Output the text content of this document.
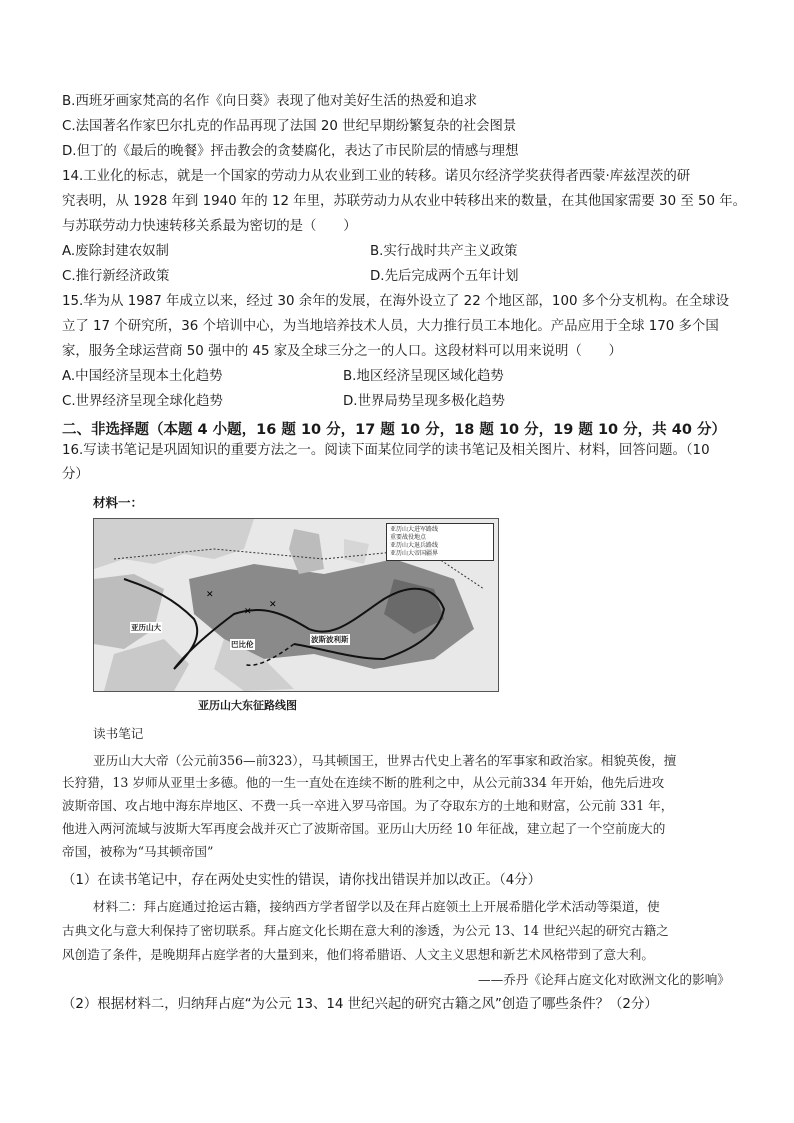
B.西班牙画家梵高的名作《向日葵》表现了他对美好生活的热爱和追求
C.法国著名作家巴尔扎克的作品再现了法国 20 世纪早期纷繁复杂的社会图景
D.但丁的《最后的晚餐》抨击教会的贪婪腐化，表达了市民阶层的情感与理想
14.工业化的标志，就是一个国家的劳动力从农业到工业的转移。诺贝尔经济学奖获得者西蒙·库兹涅茨的研
究表明，从 1928 年到 1940 年的 12 年里，苏联劳动力从农业中转移出来的数量，在其他国家需要 30 至 50 年。
与苏联劳动力快速转移关系最为密切的是（　　）
A.废除封建农奴制	B.实行战时共产主义政策
C.推行新经济政策	D.先后完成两个五年计划
15.华为从 1987 年成立以来，经过 30 余年的发展，在海外设立了 22 个地区部，100 多个分支机构。在全球设
立了 17 个研究所，36 个培训中心，为当地培养技术人员，大力推行员工本地化。产品应用于全球 170 多个国
家，服务全球运营商 50 强中的 45 家及全球三分之一的人口。这段材料可以用来说明（　　）
A.中国经济呈现本土化趋势	B.地区经济呈现区域化趋势
C.世界经济呈现全球化趋势	D.世界局势呈现多极化趋势
二、非选择题（本题 4 小题，16 题 10 分，17 题 10 分，18 题 10 分，19 题 10 分，共 40 分）
16.写读书笔记是巩固知识的重要方法之一。阅读下面某位同学的读书笔记及相关图片、材料，回答问题。（10
分）
材料一：
✕
✕
✕
亚历山大进军路线
重要战役地点
亚历山大退兵路线
亚历山大帝国疆界
巴比伦
亚历山大
波斯波利斯
亚历山大东征路线图
读书笔记
亚历山大大帝（公元前356—前323），马其顿国王，世界古代史上著名的军事家和政治家。相貌英俊，擅
长狩猎，13 岁师从亚里士多德。他的一生一直处在连续不断的胜利之中，从公元前334 年开始，他先后进攻
波斯帝国、攻占地中海东岸地区、不费一兵一卒进入罗马帝国。为了夺取东方的土地和财富，公元前 331 年，
他进入两河流域与波斯大军再度会战并灭亡了波斯帝国。亚历山大历经 10 年征战，建立起了一个空前庞大的
帝国，被称为“马其顿帝国”
（1）在读书笔记中，存在两处史实性的错误，请你找出错误并加以改正。（4分）
材料二：拜占庭通过抢运古籍，接纳西方学者留学以及在拜占庭领土上开展希腊化学术活动等渠道，使
古典文化与意大利保持了密切联系。拜占庭文化长期在意大利的渗透，为公元 13、14 世纪兴起的研究古籍之
风创造了条件，是晚期拜占庭学者的大量到来，他们将希腊语、人文主义思想和新艺术风格带到了意大利。
——乔丹《论拜占庭文化对欧洲文化的影响》
（2）根据材料二，归纳拜占庭“为公元 13、14 世纪兴起的研究古籍之风”创造了哪些条件？（2分）
